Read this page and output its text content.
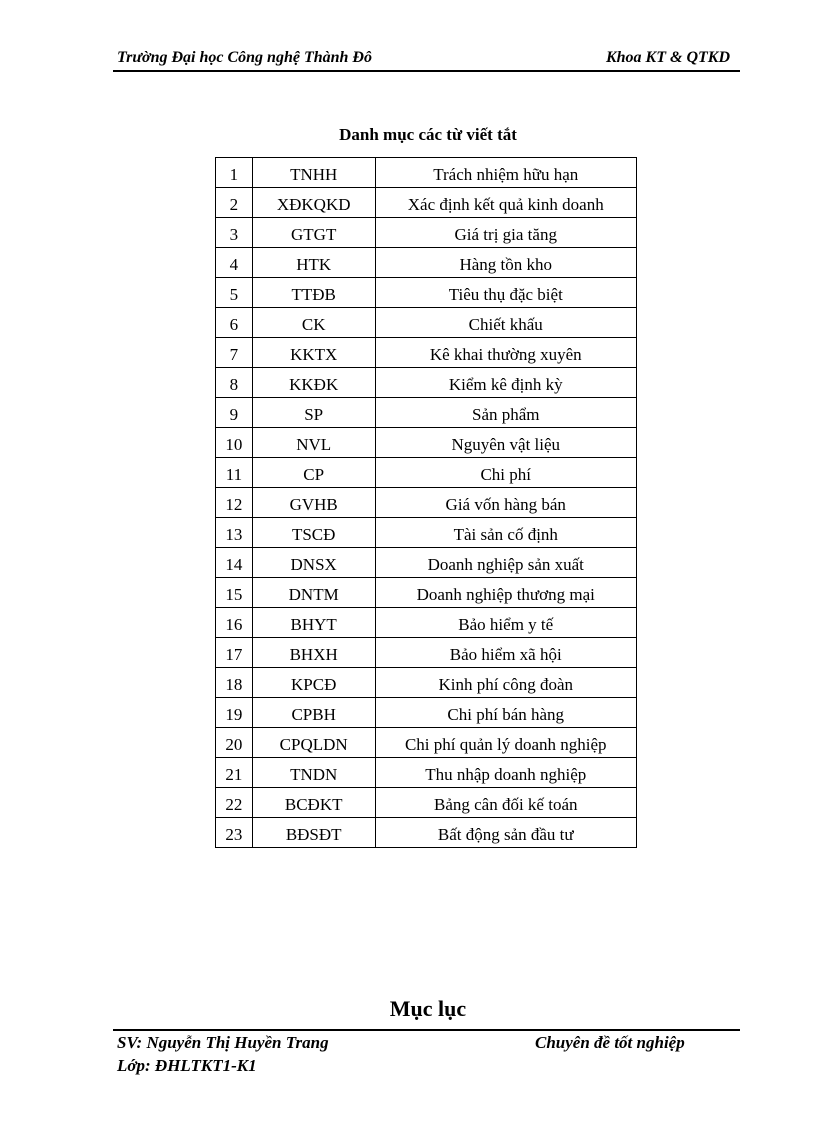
Trường Đại học Công nghệ Thành Đô	Khoa KT & QTKD
Danh mục các từ viết tắt
1	TNHH	Trách nhiệm hữu hạn
2	XĐKQKD	Xác định kết quả kinh doanh
3	GTGT	Giá trị gia tăng
4	HTK	Hàng tồn kho
5	TTĐB	Tiêu thụ đặc biệt
6	CK	Chiết khấu
7	KKTX	Kê khai thường xuyên
8	KKĐK	Kiểm kê định kỳ
9	SP	Sản phẩm
10	NVL	Nguyên vật liệu
11	CP	Chi phí
12	GVHB	Giá vốn hàng bán
13	TSCĐ	Tài sản cố định
14	DNSX	Doanh nghiệp sản xuất
15	DNTM	Doanh nghiệp thương mại
16	BHYT	Bảo hiểm y tế
17	BHXH	Bảo hiểm xã hội
18	KPCĐ	Kinh phí công đoàn
19	CPBH	Chi phí bán hàng
20	CPQLDN	Chi phí quản lý doanh nghiệp
21	TNDN	Thu nhập doanh nghiệp
22	BCĐKT	Bảng cân đối kế toán
23	BĐSĐT	Bất động sản đầu tư
Mục lục
SV: Nguyễn Thị Huyền Trang
Lớp: ĐHLTKT1-K1
Chuyên đề tốt nghiệp
